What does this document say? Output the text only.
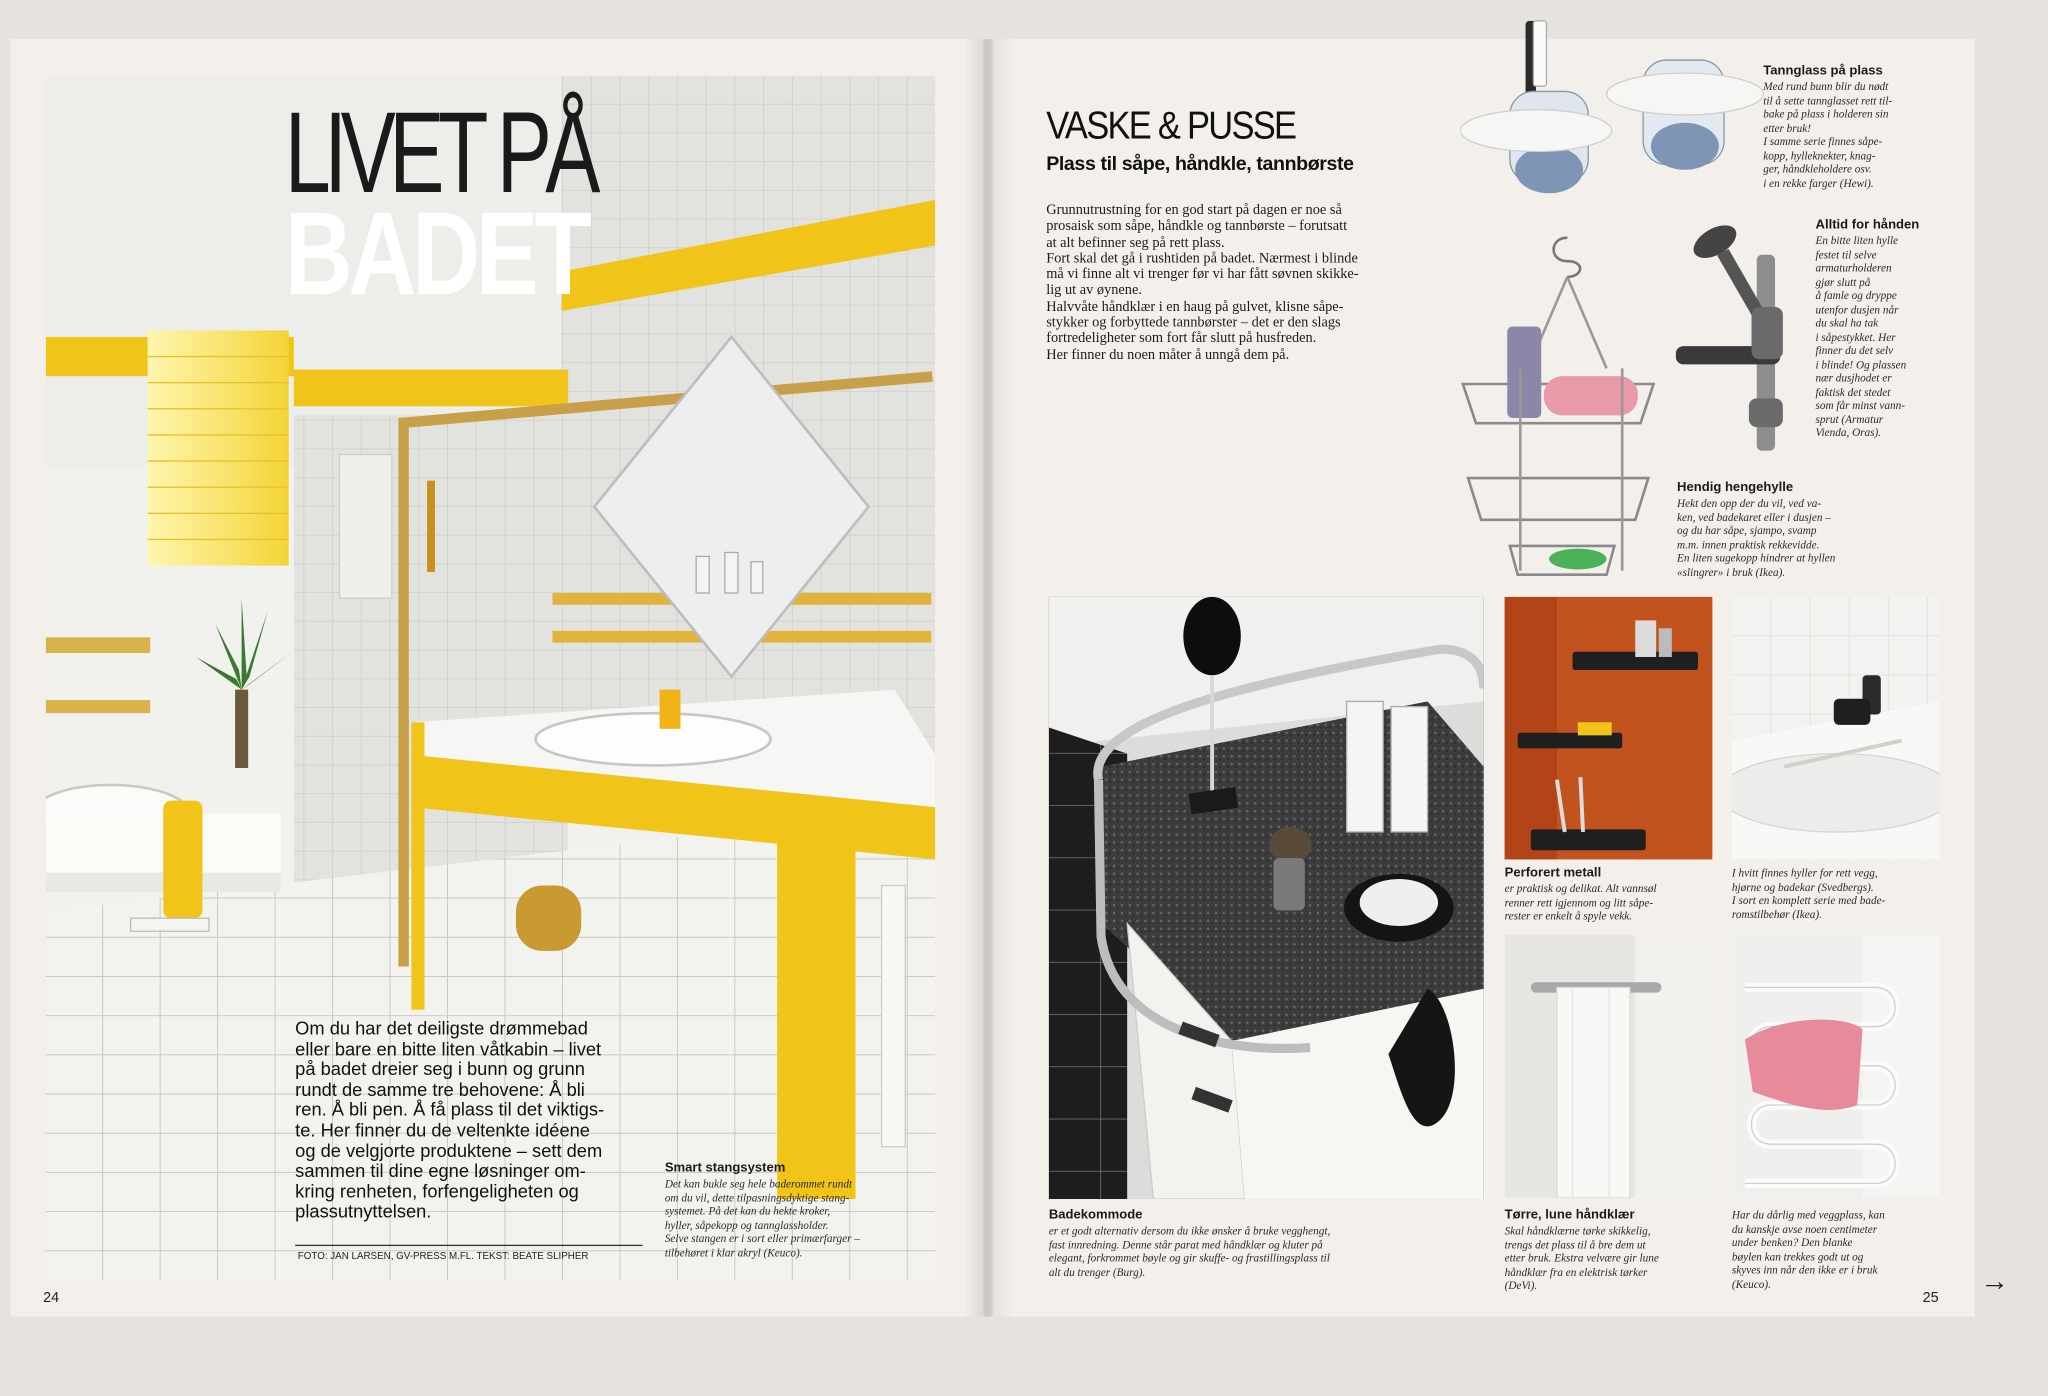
LIVET PÅ
BADET
Om du har det deiligste drømmebad
eller bare en bitte liten våtkabin – livet
på badet dreier seg i bunn og grunn
rundt de samme tre behovene: Å bli
ren. Å bli pen. Å få plass til det viktigs-
te. Her finner du de veltenkte idéene
og de velgjorte produktene – sett dem
sammen til dine egne løsninger om-
kring renheten, forfengeligheten og
plassutnyttelsen.
FOTO: JAN LARSEN, GV-PRESS M.FL. TEKST: BEATE SLIPHER
Smart stangsystem
Det kan bukle seg hele baderommet rundt
om du vil, dette tilpasningsdyktige stang-
systemet. På det kan du hekte kroker,
hyller, såpekopp og tannglassholder.
Selve stangen er i sort eller primærfarger –
tilbehøret i klar akryl (Keuco).
24
VASKE & PUSSE
Plass til såpe, håndkle, tannbørste
Grunnutrustning for en god start på dagen er noe så
prosaisk som såpe, håndkle og tannbørste – forutsatt
at alt befinner seg på rett plass.
Fort skal det gå i rushtiden på badet. Nærmest i blinde
må vi finne alt vi trenger før vi har fått søvnen skikke-
lig ut av øynene.
Halvvåte håndklær i en haug på gulvet, klisne såpe-
stykker og forbyttede tannbørster – det er den slags
fortredeligheter som fort får slutt på husfreden.
Her finner du noen måter å unngå dem på.
Tannglass på plass
Med rund bunn blir du nødt
til å sette tannglasset rett til-
bake på plass i holderen sin
etter bruk!
I samme serie finnes såpe-
kopp, hylleknekter, knag-
ger, håndkleholdere osv.
i en rekke farger (Hewi).
Alltid for hånden
En bitte liten hylle
festet til selve
armaturholderen
gjør slutt på
å famle og dryppe
utenfor dusjen når
du skal ha tak
i såpestykket. Her
finner du det selv
i blinde! Og plassen
nær dusjhodet er
faktisk det stedet
som får minst vann-
sprut (Armatur
Vienda, Oras).
Hendig hengehylle
Hekt den opp der du vil, ved va-
ken, ved badekaret eller i dusjen –
og du har såpe, sjampo, svamp
m.m. innen praktisk rekkevidde.
En liten sugekopp hindrer at hyllen
«slingrer» i bruk (Ikea).
Badekommode
er et godt alternativ dersom du ikke ønsker å bruke vegghengt,
fast innredning. Denne står parat med håndklær og kluter på
elegant, forkrommet bøyle og gir skuffe- og frastillingsplass til
alt du trenger (Burg).
Perforert metall
er praktisk og delikat. Alt vannsøl
renner rett igjennom og litt såpe-
rester er enkelt å spyle vekk.
I hvitt finnes hyller for rett vegg,
hjørne og badekar (Svedbergs).
I sort en komplett serie med bade-
romstilbehør (Ikea).
Tørre, lune håndklær
Skal håndklærne tørke skikkelig,
trengs det plass til å bre dem ut
etter bruk. Ekstra velvære gir lune
håndklær fra en elektrisk tørker
(DeVi).
Har du dårlig med veggplass, kan
du kanskje avse noen centimeter
under benken? Den blanke
bøylen kan trekkes godt ut og
skyves inn når den ikke er i bruk
(Keuco).
25
→
